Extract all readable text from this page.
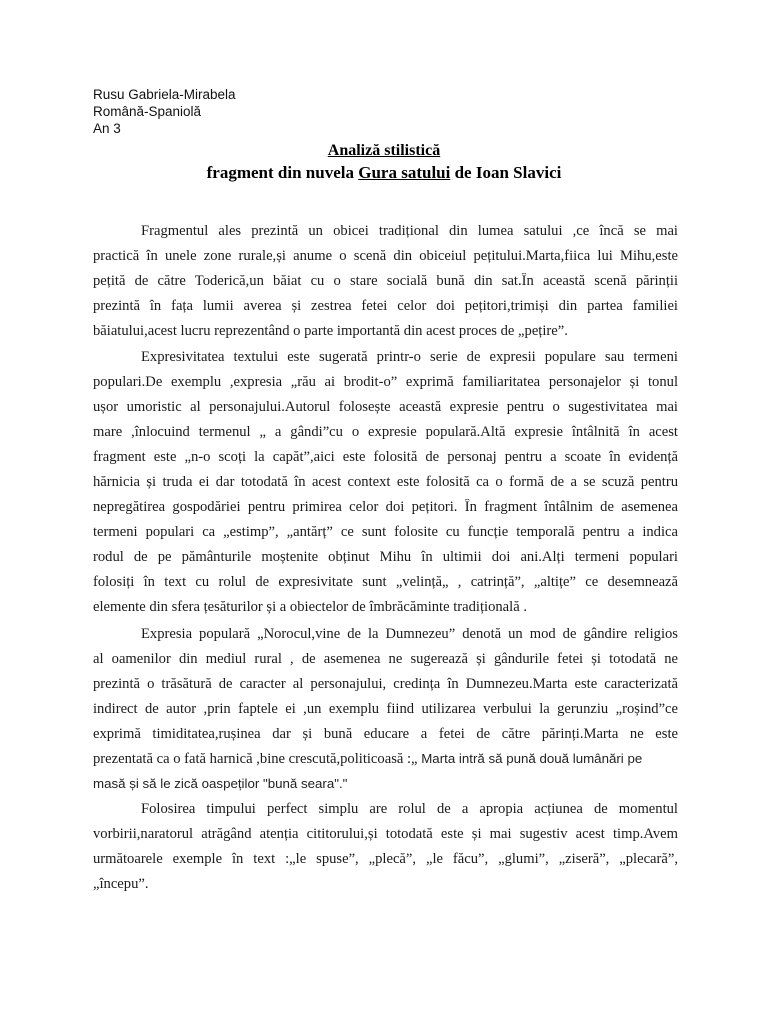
Rusu Gabriela-Mirabela
Română-Spaniolă
An 3
Analiză stilistică
fragment din nuvela Gura satului de Ioan Slavici
Fragmentul ales prezintă un obicei tradițional din lumea satului ,ce încă se mai
practică în unele zone rurale,și anume o scenă din obiceiul pețitului.Marta,fiica lui Mihu,este
pețită de către Toderică,un băiat cu o stare socială bună din sat.În această scenă părinții
prezintă în fața lumii averea și zestrea fetei celor doi pețitori,trimiși din partea familiei
băiatului,acest lucru reprezentând o parte importantă din acest proces de „pețire”.
Expresivitatea textului este sugerată printr-o serie de expresii populare sau termeni
populari.De exemplu ,expresia „rău ai brodit-o” exprimă familiaritatea personajelor și tonul
ușor umoristic al personajului.Autorul folosește această expresie pentru o sugestivitatea mai
mare ,înlocuind termenul „ a gândi”cu o expresie populară.Altă expresie întâlnită în acest
fragment este „n-o scoți la capăt”,aici este folosită de personaj pentru a scoate în evidență
hărnicia și truda ei dar totodată în acest context este folosită ca o formă de a se scuză pentru
nepregătirea gospodăriei pentru primirea celor doi pețitori. În fragment întâlnim de asemenea
termeni populari ca „estimp”, „antărț” ce sunt folosite cu funcție temporală pentru a indica
rodul de pe pământurile moștenite obținut Mihu în ultimii doi ani.Alți termeni populari
folosiți în text cu rolul de expresivitate sunt „velință„ , catrință”, „altițe” ce desemnează
elemente din sfera țesăturilor și a obiectelor de îmbrăcăminte tradițională .
Expresia populară „Norocul,vine de la Dumnezeu” denotă un mod de gândire religios
al oamenilor din mediul rural , de asemenea ne sugerează și gândurile fetei și totodată ne
prezintă o trăsătură de caracter al personajului, credința în Dumnezeu.Marta este caracterizată
indirect de autor ,prin faptele ei ,un exemplu fiind utilizarea verbului la gerunziu „roșind”ce
exprimă timiditatea,rușinea dar și bună educare a fetei de către părinți.Marta ne este
prezentată ca o fată harnică ,bine crescută,politicoasă :„ Marta intră să pună două lumânări pe
masă și să le zică oaspeților "bună seara"."
Folosirea timpului perfect simplu are rolul de a apropia acțiunea de momentul
vorbirii,naratorul atrăgând atenția cititorului,și totodată este și mai sugestiv acest timp.Avem
următoarele exemple în text :„le spuse”, „plecă”, „le făcu”, „glumi”, „ziseră”, „plecară”,
„începu”.
